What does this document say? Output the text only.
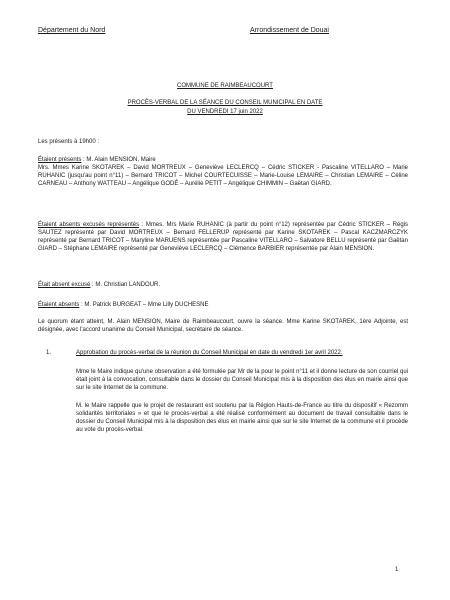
Département du Nord	Arrondissement de Douai
COMMUNE DE RAIMBEAUCOURT
PROCÈS-VERBAL DE LA SÉANCE DU CONSEIL MUNICIPAL EN DATE
DU VENDREDI 17 juin 2022
Les présents à 19h00 :
Étaient présents : M. Alain MENSION, Maire
Mrs. Mmes Karine SKOTAREK – David MORTREUX – Geneviève LECLERCQ – Cédric STICKER - Pascaline VITELLARO – Marie RUHANIC (jusqu'au point n°11) – Bernard TRICOT – Michel COURTECUISSE – Marie-Louise LEMAIRE – Christian LEMAIRE – Céline CARNEAU – Anthony WATTEAU – Angélique GODÉ – Aurélie PETIT – Angélique CHIMMIN – Gaëtan GIARD.
Étaient absents excusés représentés : Mmes. Mrs Marie RUHANIC (à partir du point n°12) représentée par Cédric STICKER – Régis SAUTEZ représenté par David MORTREUX – Bernard FELLERUP représenté par Karine SKOTAREK – Pascal KACZMARCZYK représenté par Bernard TRICOT – Maryline MARUENS représentée par Pascaline VITELLARO – Salvatore BELLU représenté par Gaëtan GIARD – Stéphane LEMAIRE représenté par Geneviève LECLERCQ – Clémence BARBIER représentée par Alain MENSION.
Était absent excusé : M. Christian LANDOUR.
Étaient absents : M. Patrick BURGEAT – Mme Lilly DUCHESNE
Le quorum étant atteint, M. Alain MENSION, Maire de Raimbeaucourt, ouvre la séance. Mme Karine SKOTAREK, 1ère Adjointe, est désignée, avec l'accord unanime du Conseil Municipal, secrétaire de séance.
1.	Approbation du procès-verbal de la réunion du Conseil Municipal en date du vendredi 1er avril 2022.
Mme le Maire indique qu'une observation a été formulée par Mr de la pour le point n°11 et il donne lecture de son courriel qui était joint à la convocation, consultable dans le dossier du Conseil Municipal mis à la disposition des élus en mairie ainsi que sur le site Internet de la commune.
M. le Maire rappelle que le projet de restaurant est soutenu par la Région Hauts-de-France au titre du dispositif « Rezomm solidarités territoriales » et que le procès-verbal a été réalisé conformément au document de travail consultable dans le dossier du Conseil Municipal mis à la disposition des élus en mairie ainsi que sur le site Internet de la commune et il procède au vote du procès-verbal.
1
